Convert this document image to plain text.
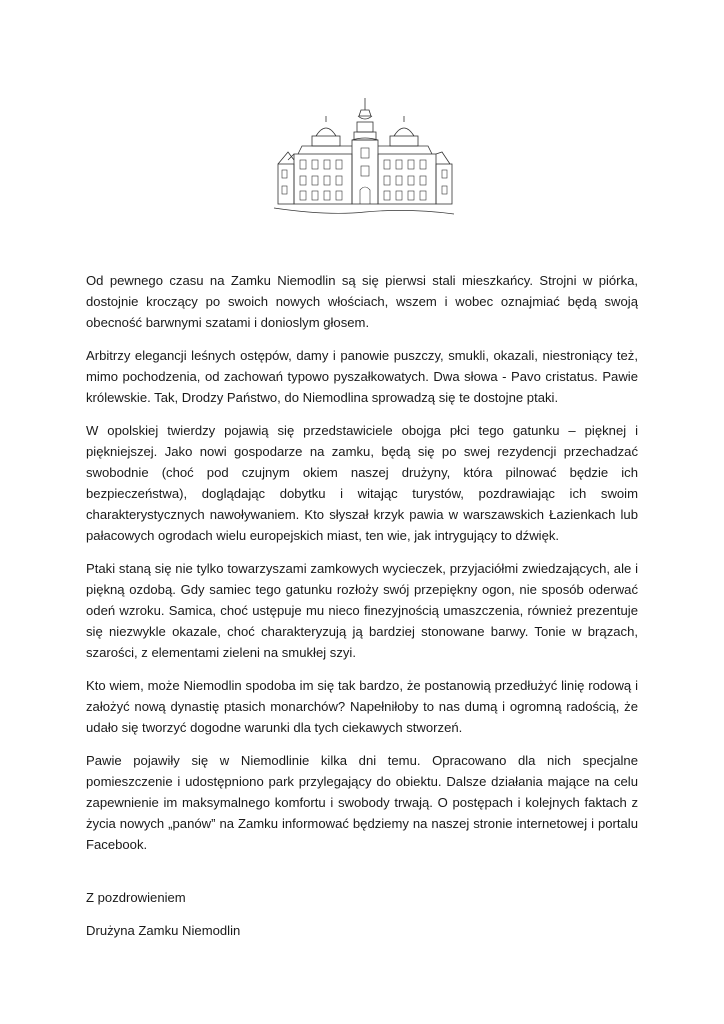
Od pewnego czasu na Zamku Niemodlin są się pierwsi stali mieszkańcy. Strojni w piórka, dostojnie kroczący po swoich nowych włościach, wszem i wobec oznajmiać będą swoją obecność barwnymi szatami i donioslym głosem.

Arbitrzy elegancji leśnych ostępów, damy i panowie puszczy, smukli, okazali, niestroniący też, mimo pochodzenia, od zachowań typowo pyszałkowatych. Dwa słowa - Pavo cristatus. Pawie królewskie. Tak, Drodzy Państwo, do Niemodlina sprowadzą się te dostojne ptaki.

W opolskiej twierdzy pojawią się przedstawiciele obojga płci tego gatunku – pięknej i piękniejszej. Jako nowi gospodarze na zamku, będą się po swej rezydencji przechadzać swobodnie (choć pod czujnym okiem naszej drużyny, która pilnować będzie ich bezpieczeństwa), doglądając dobytku i witając turystów, pozdrawiając ich swoim charakterystycznych nawoływaniem. Kto słyszał krzyk pawia w warszawskich Łazienkach lub pałacowych ogrodach wielu europejskich miast, ten wie, jak intrygujący to dźwięk.

Ptaki staną się nie tylko towarzyszami zamkowych wycieczek, przyjaciółmi zwiedzających, ale i piękną ozdobą. Gdy samiec tego gatunku rozłoży swój przepiękny ogon, nie sposób oderwać odeń wzroku. Samica, choć ustępuje mu nieco finezyjnością umaszczenia, również prezentuje się niezwykle okazale, choć charakteryzują ją bardziej stonowane barwy. Tonie w brązach, szarości, z elementami zieleni na smukłej szyi.

Kto wiem, może Niemodlin spodoba im się tak bardzo, że postanowią przedłużyć linię rodową i założyć nową dynastię ptasich monarchów? Napełniłoby to nas dumą i ogromną radością, że udało się tworzyć dogodne warunki dla tych ciekawych stworzeń.

Pawie pojawiły się w Niemodlinie kilka dni temu. Opracowano dla nich specjalne pomieszczenie i udostępniono park przylegający do obiektu. Dalsze działania mające na celu zapewnienie im maksymalnego komfortu i swobody trwają. O postępach i kolejnych faktach z życia nowych „panów” na Zamku informować będziemy na naszej stronie internetowej i portalu Facebook.

Z pozdrowieniem

Drużyna Zamku Niemodlin
